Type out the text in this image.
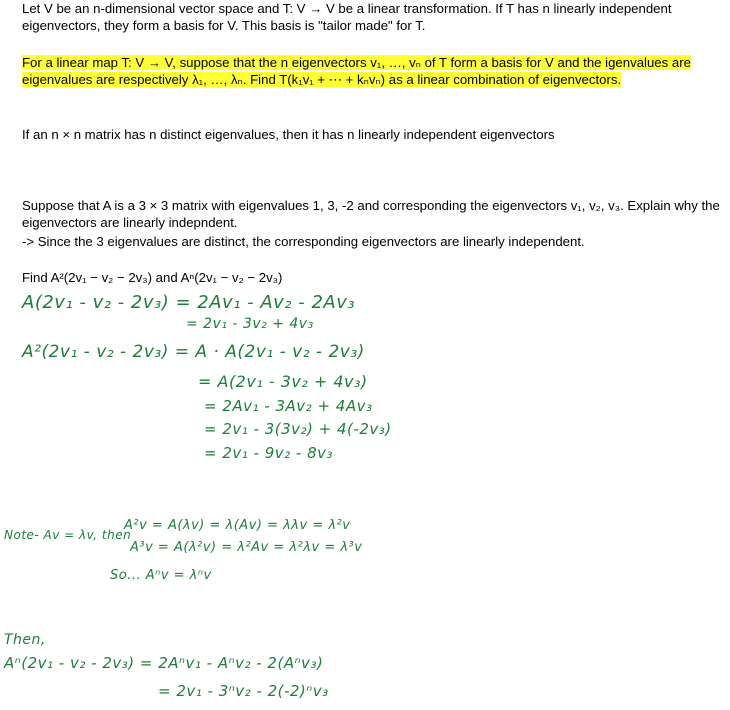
Let V be an n-dimensional vector space and T: V → V be a linear transformation. If T has n linearly independent eigenvectors, they form a basis for V. This basis is "tailor made" for T.
For a linear map T: V → V, suppose that the n eigenvectors v₁, …, vₙ of T form a basis for V and the igenvalues are eigenvalues are respectively λ₁, …, λₙ. Find T(k₁v₁ + ⋯ + kₙvₙ) as a linear combination of eigenvectors.
If an n × n matrix has n distinct eigenvalues, then it has n linearly independent eigenvectors
Suppose that A is a 3 × 3 matrix with eigenvalues 1, 3, -2 and corresponding the eigenvectors v₁, v₂, v₃. Explain why the eigenvectors are linearly indepndent.
-> Since the 3 eigenvalues are distinct, the corresponding eigenvectors are linearly independent.
Find A²(2v₁ − v₂ − 2v₃) and Aⁿ(2v₁ − v₂ − 2v₃)
A(2v₁ - v₂ - 2v₃) = 2Av₁ - Av₂ - 2Av₃
= 2v₁ - 3v₂ + 4v₃
A²(2v₁ - v₂ - 2v₃) = A · A(2v₁ - v₂ - 2v₃)
= A(2v₁ - 3v₂ + 4v₃)
= 2Av₁ - 3Av₂ + 4Av₃
= 2v₁ - 3(3v₂) + 4(-2v₃)
= 2v₁ - 9v₂ - 8v₃
Note- Av = λv, then
A²v = A(λv) = λ(Av) = λλv = λ²v
A³v = A(λ²v) = λ²Av = λ²λv = λ³v
So... Aⁿv = λⁿv
Then,
Aⁿ(2v₁ - v₂ - 2v₃) = 2Aⁿv₁ - Aⁿv₂ - 2(Aⁿv₃)
= 2v₁ - 3ⁿv₂ - 2(-2)ⁿv₃
